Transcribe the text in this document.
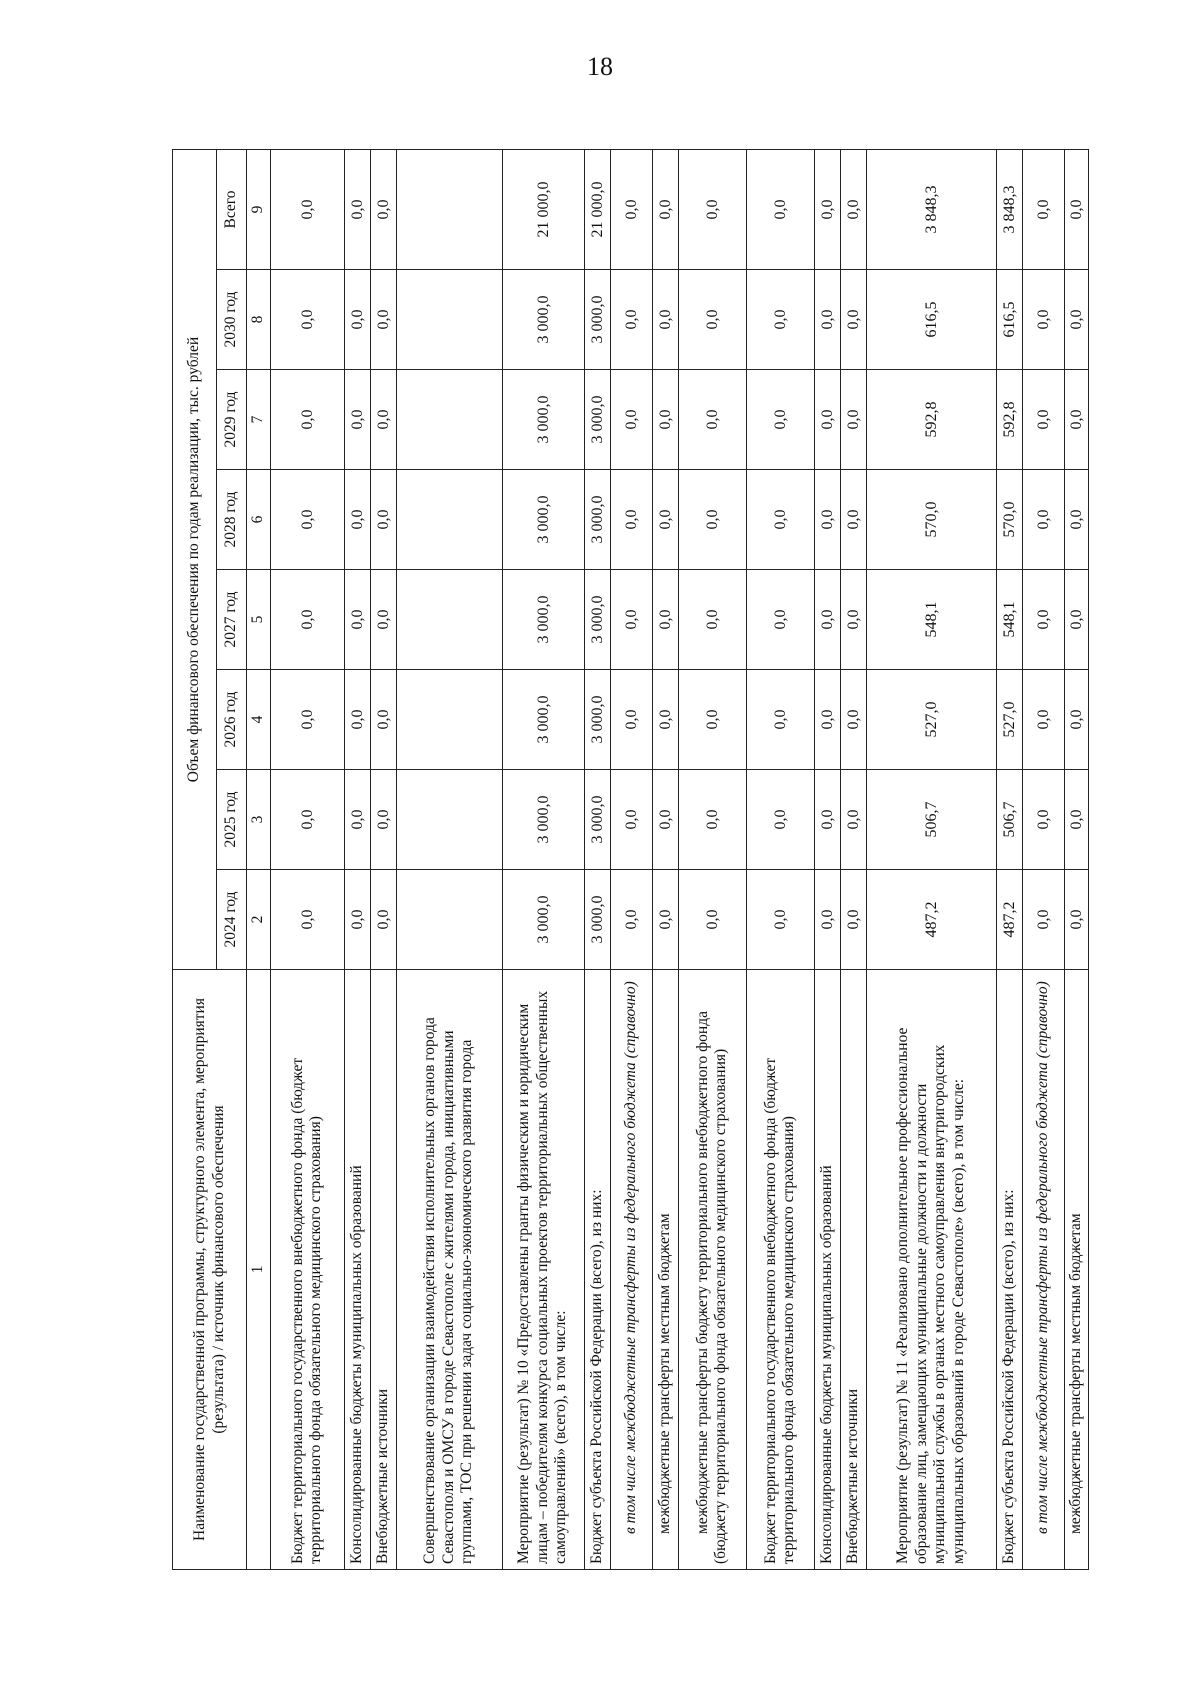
18
Наименование государственной программы, структурного элемента, мероприятия (результата) / источник финансового обеспечения	Объем финансового обеспечения по годам реализации, тыс. рублей							
	2024 год	2025 год	2026 год	2027 год	2028 год	2029 год	2030 год	Всего
1	2	3	4	5	6	7	8	9
Бюджет территориального государственного внебюджетного фонда (бюджет территориального фонда обязательного медицинского страхования)	0,0	0,0	0,0	0,0	0,0	0,0	0,0	0,0
Консолидированные бюджеты муниципальных образований	0,0	0,0	0,0	0,0	0,0	0,0	0,0	0,0
Внебюджетные источники	0,0	0,0	0,0	0,0	0,0	0,0	0,0	0,0
Совершенствование организации взаимодействия исполнительных органов города Севастополя и ОМСУ в городе Севастополе с жителями города, инициативными группами, ТОС при решении задач социально-экономического развития города								
Мероприятие (результат) № 10 «Предоставлены гранты физическим и юридическим лицам – победителям конкурса социальных проектов территориальных общественных самоуправлений» (всего), в том числе:	3 000,0	3 000,0	3 000,0	3 000,0	3 000,0	3 000,0	3 000,0	21 000,0
Бюджет субъекта Российской Федерации (всего), из них:	3 000,0	3 000,0	3 000,0	3 000,0	3 000,0	3 000,0	3 000,0	21 000,0
в том числе межбюджетные трансферты из федерального бюджета (справочно)	0,0	0,0	0,0	0,0	0,0	0,0	0,0	0,0
межбюджетные трансферты местным бюджетам	0,0	0,0	0,0	0,0	0,0	0,0	0,0	0,0
межбюджетные трансферты бюджету территориального внебюджетного фонда (бюджету территориального фонда обязательного медицинского страхования)	0,0	0,0	0,0	0,0	0,0	0,0	0,0	0,0
Бюджет территориального государственного внебюджетного фонда (бюджет территориального фонда обязательного медицинского страхования)	0,0	0,0	0,0	0,0	0,0	0,0	0,0	0,0
Консолидированные бюджеты муниципальных образований	0,0	0,0	0,0	0,0	0,0	0,0	0,0	0,0
Внебюджетные источники	0,0	0,0	0,0	0,0	0,0	0,0	0,0	0,0
Мероприятие (результат) № 11 «Реализовано дополнительное профессиональное образование лиц, замещающих муниципальные должности и должности муниципальной службы в органах местного самоуправления внутригородских муниципальных образований в городе Севастополе» (всего), в том числе:	487,2	506,7	527,0	548,1	570,0	592,8	616,5	3 848,3
Бюджет субъекта Российской Федерации (всего), из них:	487,2	506,7	527,0	548,1	570,0	592,8	616,5	3 848,3
в том числе межбюджетные трансферты из федерального бюджета (справочно)	0,0	0,0	0,0	0,0	0,0	0,0	0,0	0,0
межбюджетные трансферты местным бюджетам	0,0	0,0	0,0	0,0	0,0	0,0	0,0	0,0
